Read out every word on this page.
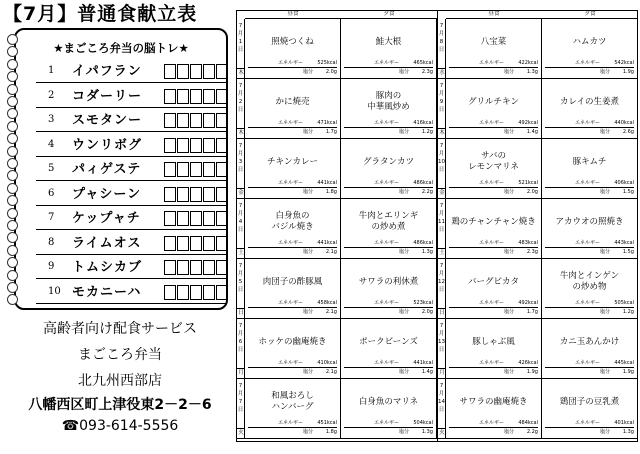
【7月】普通食献立表
★まごころ弁当の脳トレ★
1 イパフラン
2 コダーリー
3 スモタンー
4 ウンリボグ
5 パィゲステ
6 プャシーン
7 ケップャチ
8 ライムオス
9 トムシカブ
10 モカニーハ
高齢者向け配食サービス
まごころ弁当
北九州西部店
八幡西区町上津役東2－2－6
☎093-614-5556
昼食	夕食
7月1日
木
照焼つくね
エネルギー	525kcal
塩分	2.0g
鮭大根
エネルギー	465kcal
塩分	2.3g
7月2日
木
かに焼売
エネルギー	471kcal
塩分	1.7g
豚肉の
中華風炒め
エネルギー	416kcal
塩分	1.2g
7月3日
金
チキンカレー
エネルギー	441kcal
塩分	1.8g
グラタンカツ
エネルギー	486kcal
塩分	2.2g
7月4日
土
白身魚の
バジル焼き
エネルギー	441kcal
塩分	2.1g
牛肉とエリンギ
の炒め煮
エネルギー	486kcal
塩分	1.3g
7月5日
日
肉団子の酢豚風
エネルギー	458kcal
塩分	2.1g
サワラの利休煮
エネルギー	523kcal
塩分	2.0g
7月6日
月
ホッケの幽庵焼き
エネルギー	410kcal
塩分	2.1g
ポークビーンズ
エネルギー	441kcal
塩分	1.4g
7月7日
火
和風おろし
ハンバーグ
エネルギー	451kcal
塩分	1.8g
白身魚のマリネ
エネルギー	504kcal
塩分	1.3g
昼食	夕食
7月8日
水
八宝菜
エネルギー	422kcal
塩分	1.3g
ハムカツ
エネルギー	542kcal
塩分	1.9g
7月9日
木
グリルチキン
エネルギー	492kcal
塩分	1.4g
カレイの生姜煮
エネルギー	440kcal
塩分	2.6g
7月10日
金
サバの
レモンマリネ
エネルギー	521kcal
塩分	2.0g
豚キムチ
エネルギー	406kcal
塩分	1.5g
7月11日
土
鶏のチャンチャン焼き
エネルギー	483kcal
塩分	2.3g
アカウオの照焼き
エネルギー	443kcal
塩分	1.5g
7月12日
日
バーグピカタ
エネルギー	492kcal
塩分	1.7g
牛肉とインゲン
の炒め物
エネルギー	505kcal
塩分	1.2g
7月13日
月
豚しゃぶ風
エネルギー	426kcal
塩分	1.9g
カニ玉あんかけ
エネルギー	445kcal
塩分	1.9g
7月14日
火
サワラの幽庵焼き
エネルギー	484kcal
塩分	2.2g
鶏団子の豆乳煮
エネルギー	401kcal
塩分	1.3g
